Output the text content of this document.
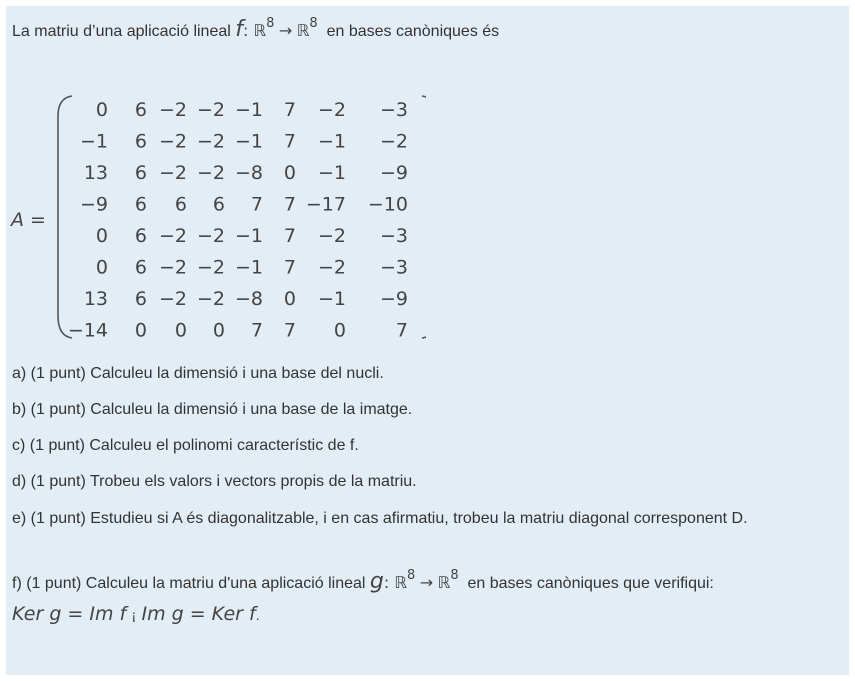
La matriu d’una aplicació lineal f: ℝ$^8$ → ℝ$^8$ en bases canòniques és
A =
0 6 −2 −2 −1 7 −2 −3
−1 6 −2 −2 −1 7 −1 −2
13 6 −2 −2 −8 0 −1 −9
−9 6 6 6 7 7 −17 −10
0 6 −2 −2 −1 7 −2 −3
0 6 −2 −2 −1 7 −2 −3
13 6 −2 −2 −8 0 −1 −9
−14 0 0 0 7 7 0	7
a) (1 punt) Calculeu la dimensió i una base del nucli.
b) (1 punt) Calculeu la dimensió i una base de la imatge.
c) (1 punt) Calculeu el polinomi característic de f.
d) (1 punt) Trobeu els valors i vectors propis de la matriu.
e) (1 punt) Estudieu si A és diagonalitzable, i en cas afirmatiu, trobeu la matriu diagonal corresponent D.
f) (1 punt) Calculeu la matriu d'una aplicació lineal g: ℝ$^8$ → ℝ$^8$ en bases canòniques que verifiqui:
Ker g = Im f ¡ Im g = Ker f.
